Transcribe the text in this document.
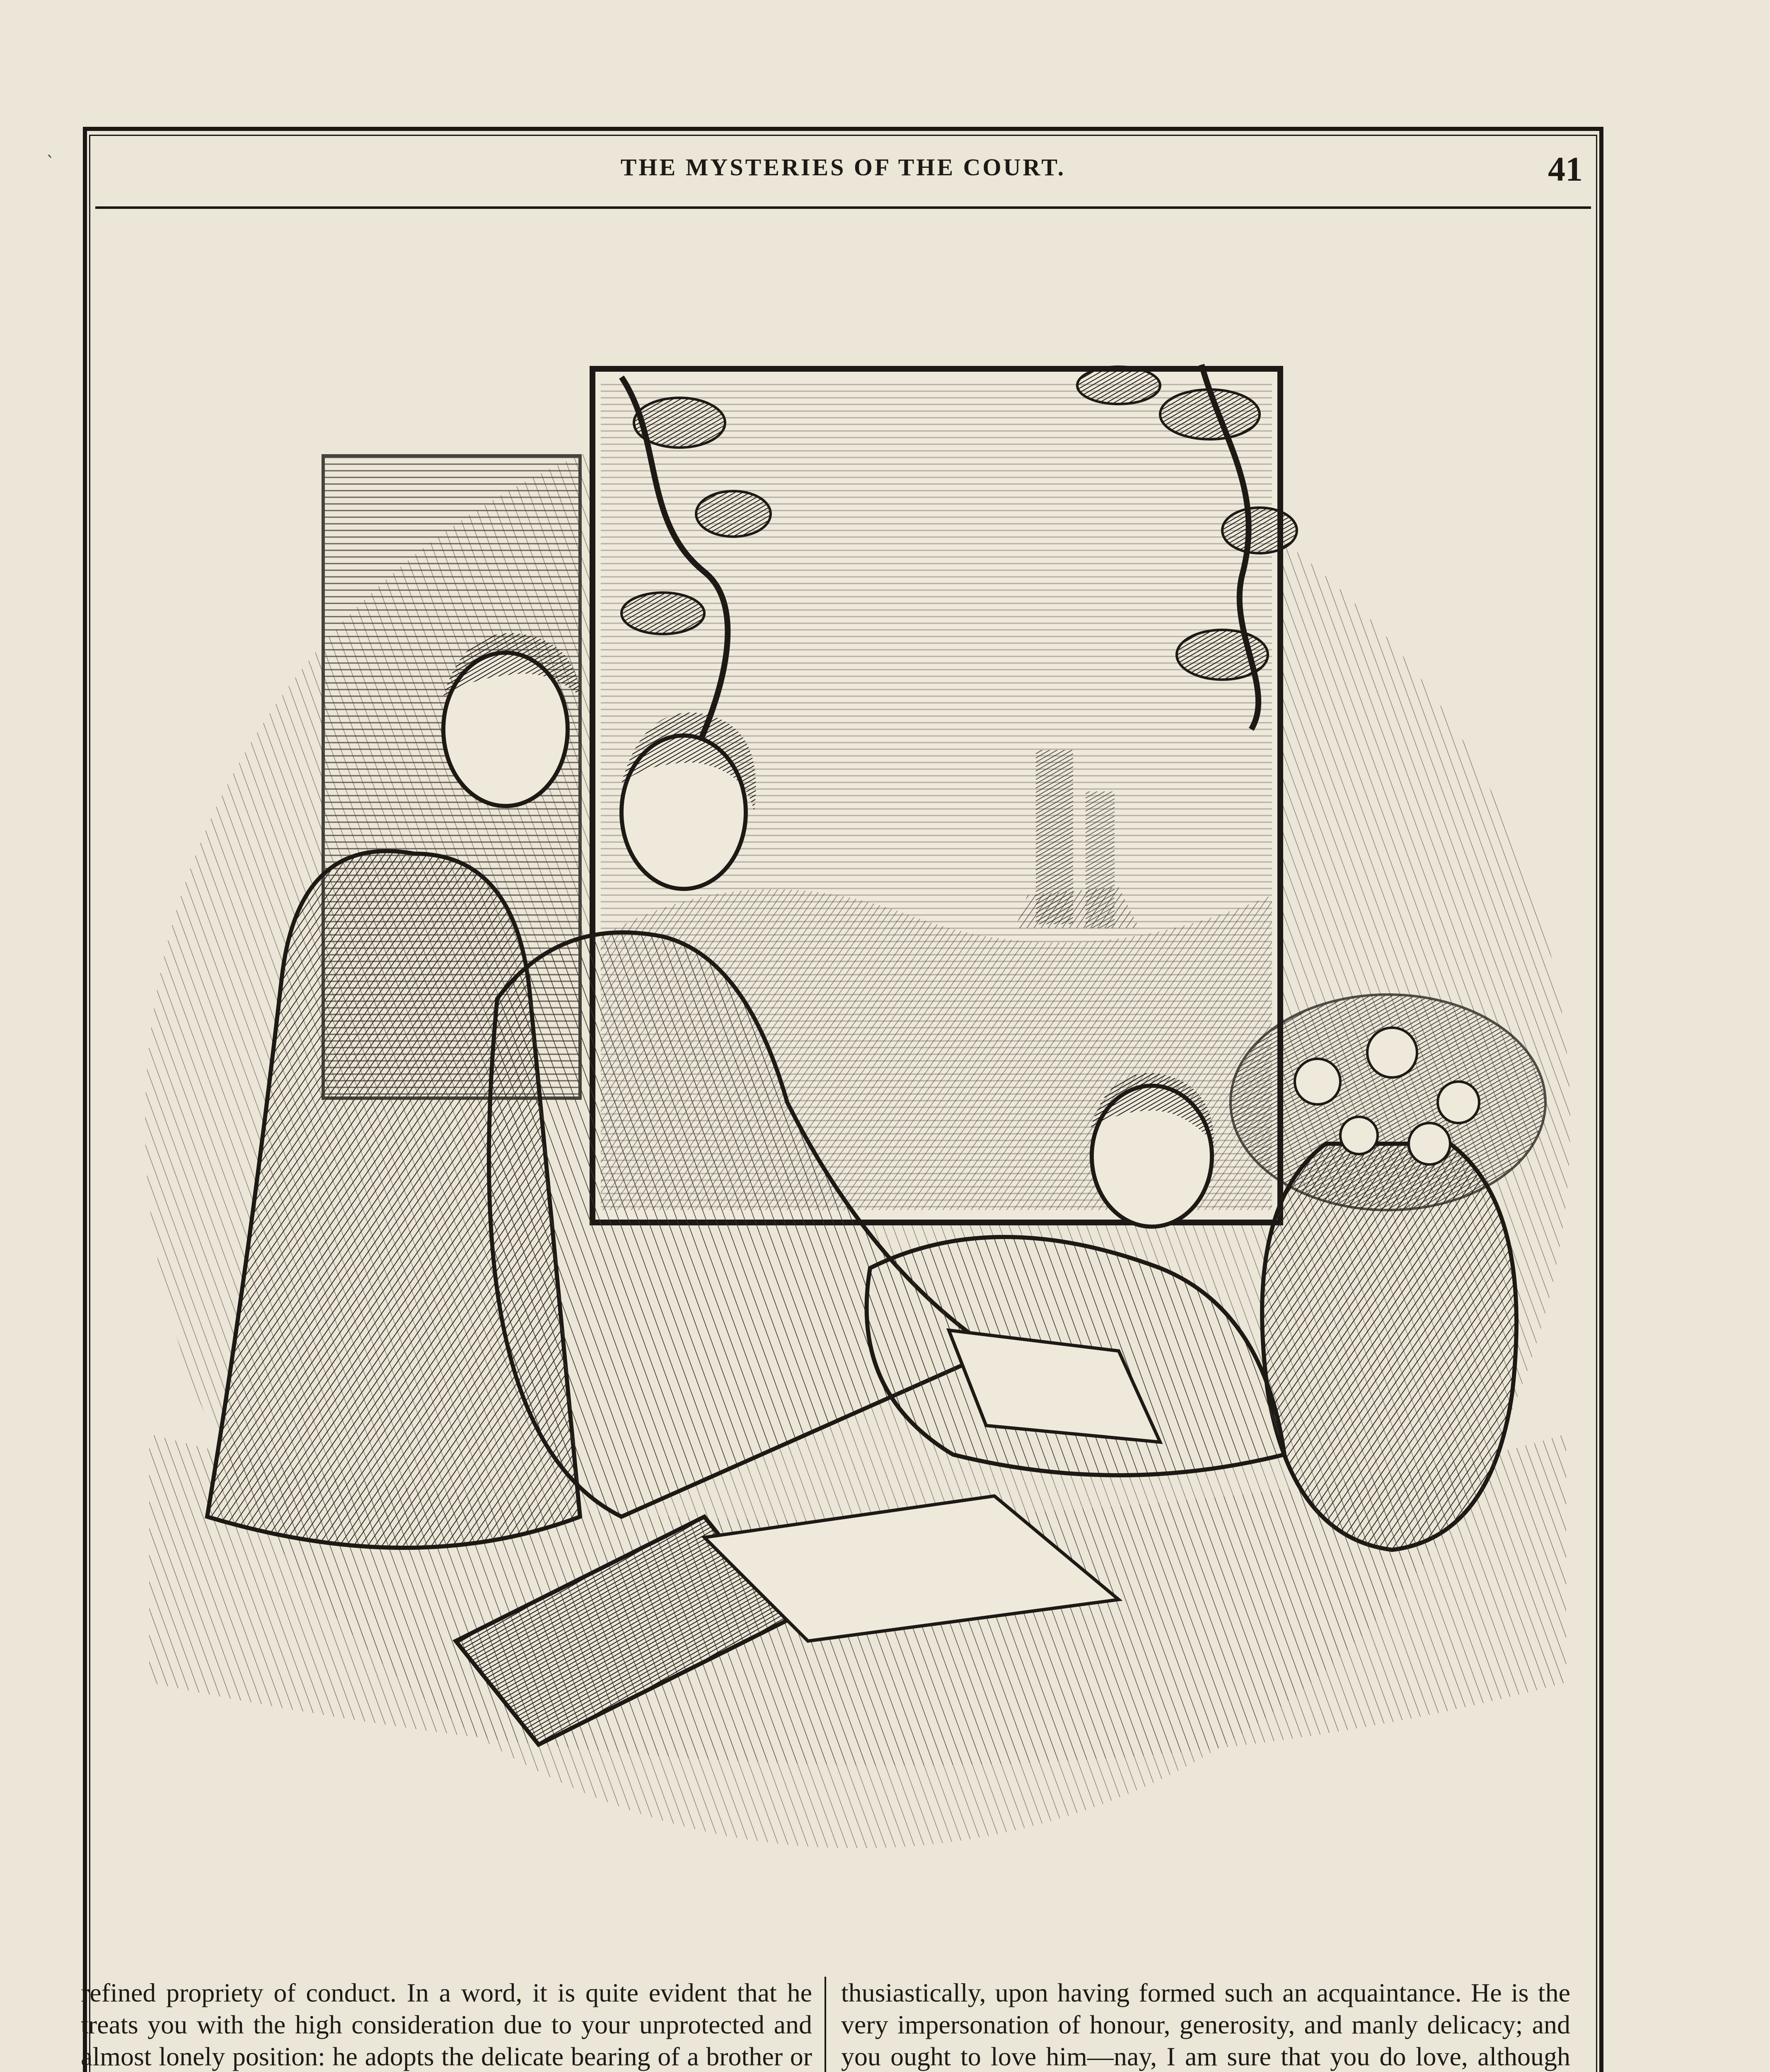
`	THE MYSTERIES OF THE COURT.	41

refined propriety of conduct. In a word, it is quite evident that he treats you with the high consideration due to your unprotected and almost lonely position: he adopts the delicate bearing of a brother or

thusiastically, upon having formed such an acquaintance. He is the very impersonation of honour, generosity, and manly delicacy; and you ought to love him—nay, I am sure that you do love, although
